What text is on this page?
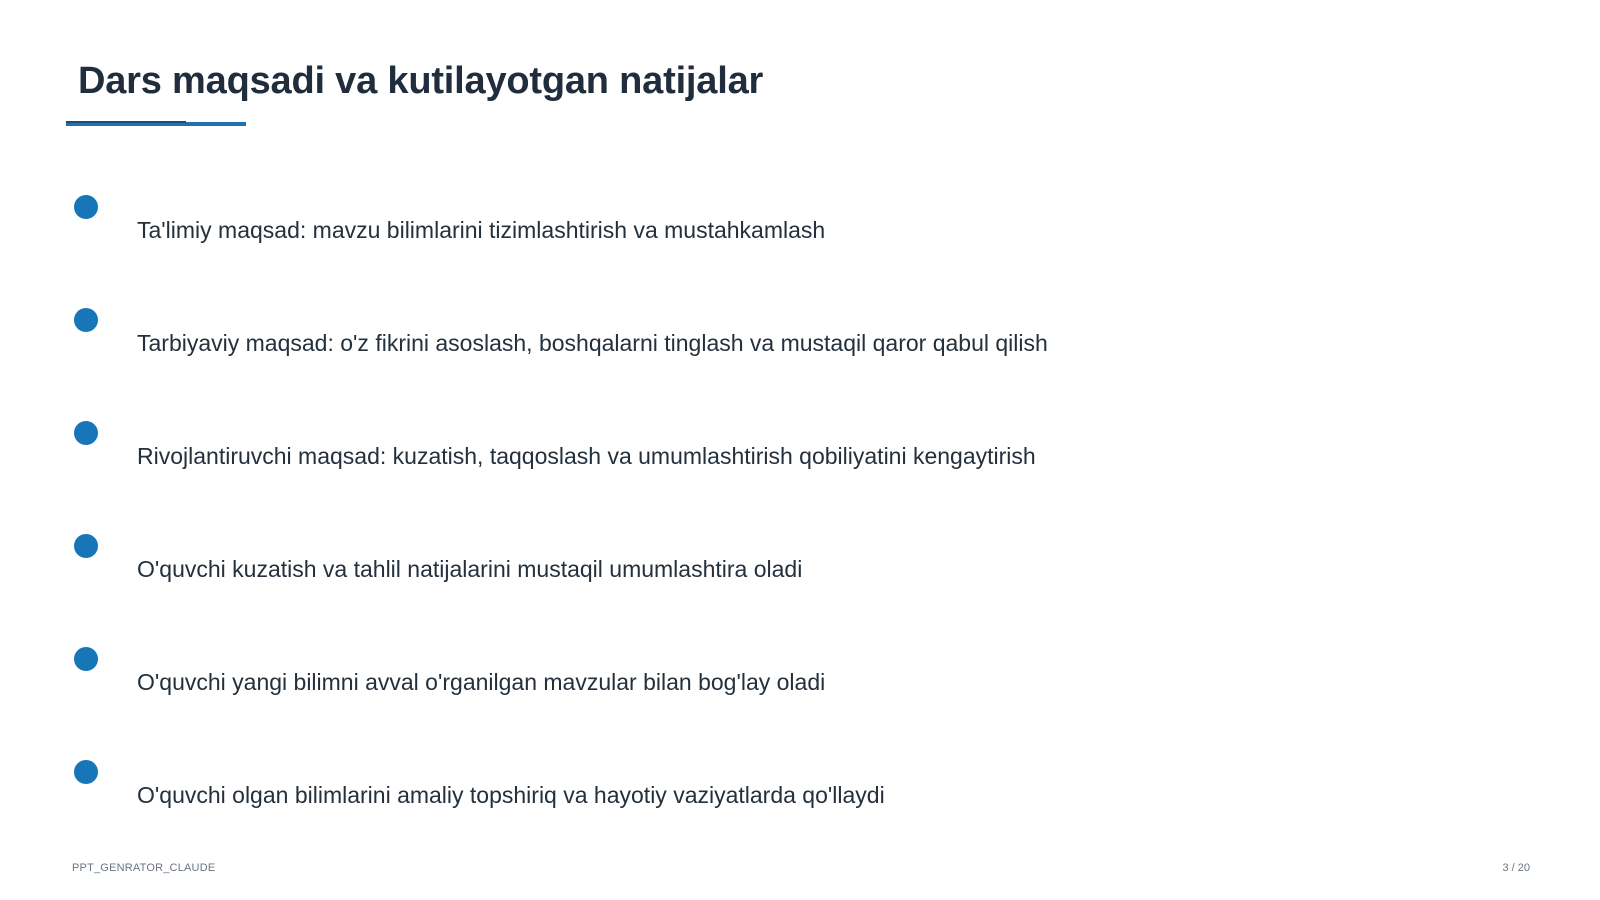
Dars maqsadi va kutilayotgan natijalar
Ta'limiy maqsad: mavzu bilimlarini tizimlashtirish va mustahkamlash
Tarbiyaviy maqsad: o'z fikrini asoslash, boshqalarni tinglash va mustaqil qaror qabul qilish
Rivojlantiruvchi maqsad: kuzatish, taqqoslash va umumlashtirish qobiliyatini kengaytirish
O'quvchi kuzatish va tahlil natijalarini mustaqil umumlashtira oladi
O'quvchi yangi bilimni avval o'rganilgan mavzular bilan bog'lay oladi
O'quvchi olgan bilimlarini amaliy topshiriq va hayotiy vaziyatlarda qo'llaydi
PPT_GENRATOR_CLAUDE	3 / 20
